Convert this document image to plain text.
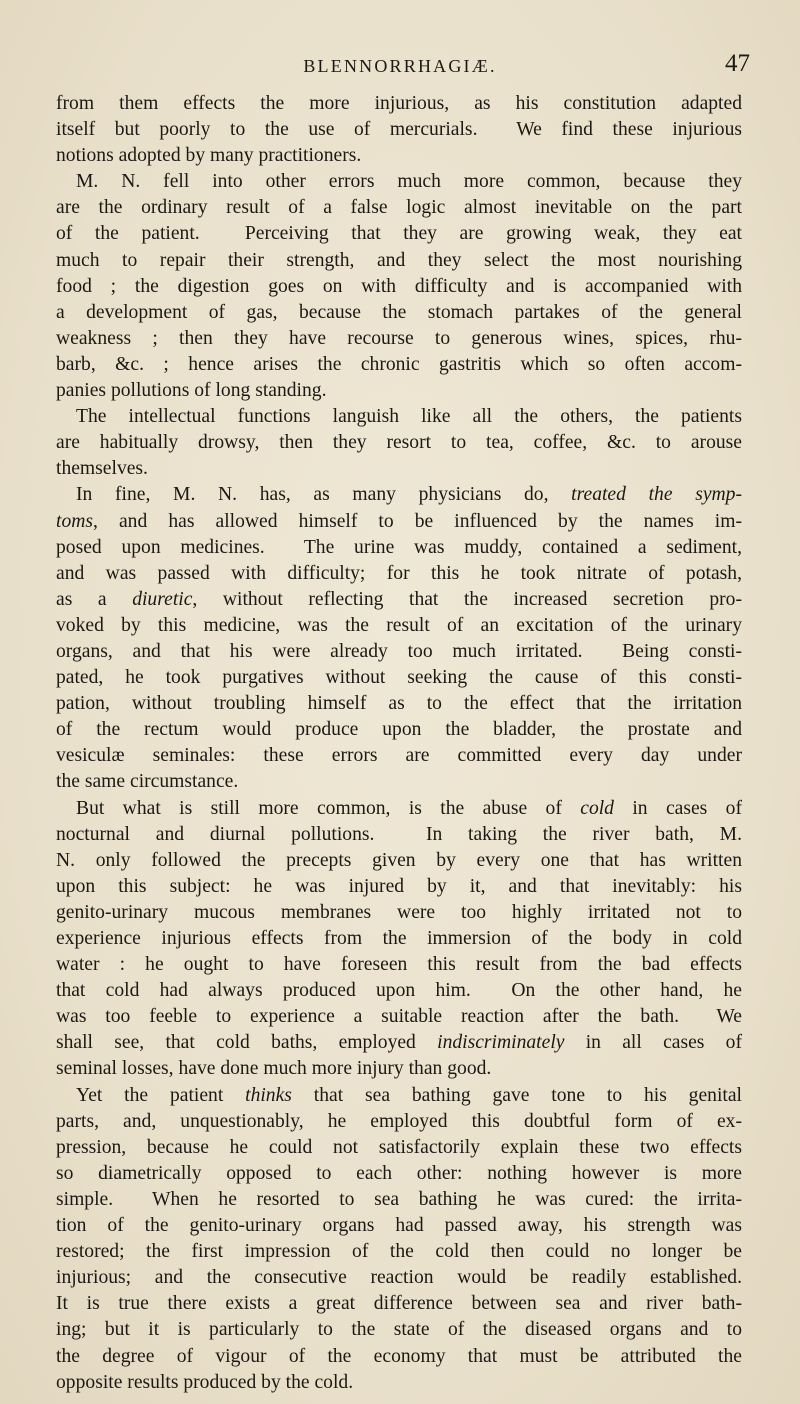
BLENNORRHAGIÆ.	47
from them effects the more injurious, as his constitution adapted
itself but poorly to the use of mercurials.  We find these injurious
notions adopted by many practitioners.
M. N. fell into other errors much more common, because they
are the ordinary result of a false logic almost inevitable on the part
of the patient.  Perceiving that they are growing weak, they eat
much to repair their strength, and they select the most nourishing
food ; the digestion goes on with difficulty and is accompanied with
a development of gas, because the stomach partakes of the general
weakness ; then they have recourse to generous wines, spices, rhu-
barb, &c. ; hence arises the chronic gastritis which so often accom-
panies pollutions of long standing.
The intellectual functions languish like all the others, the patients
are habitually drowsy, then they resort to tea, coffee, &c. to arouse
themselves.
In fine, M. N. has, as many physicians do, treated the symp-
toms, and has allowed himself to be influenced by the names im-
posed upon medicines.  The urine was muddy, contained a sediment,
and was passed with difficulty; for this he took nitrate of potash,
as a diuretic, without reflecting that the increased secretion pro-
voked by this medicine, was the result of an excitation of the urinary
organs, and that his were already too much irritated.  Being consti-
pated, he took purgatives without seeking the cause of this consti-
pation, without troubling himself as to the effect that the irritation
of the rectum would produce upon the bladder, the prostate and
vesiculæ seminales: these errors are committed every day under
the same circumstance.
But what is still more common, is the abuse of cold in cases of
nocturnal and diurnal pollutions.  In taking the river bath, M.
N. only followed the precepts given by every one that has written
upon this subject: he was injured by it, and that inevitably: his
genito-urinary mucous membranes were too highly irritated not to
experience injurious effects from the immersion of the body in cold
water : he ought to have foreseen this result from the bad effects
that cold had always produced upon him.  On the other hand, he
was too feeble to experience a suitable reaction after the bath.  We
shall see, that cold baths, employed indiscriminately in all cases of
seminal losses, have done much more injury than good.
Yet the patient thinks that sea bathing gave tone to his genital
parts, and, unquestionably, he employed this doubtful form of ex-
pression, because he could not satisfactorily explain these two effects
so diametrically opposed to each other: nothing however is more
simple.  When he resorted to sea bathing he was cured: the irrita-
tion of the genito-urinary organs had passed away, his strength was
restored; the first impression of the cold then could no longer be
injurious; and the consecutive reaction would be readily established.
It is true there exists a great difference between sea and river bath-
ing; but it is particularly to the state of the diseased organs and to
the degree of vigour of the economy that must be attributed the
opposite results produced by the cold.
